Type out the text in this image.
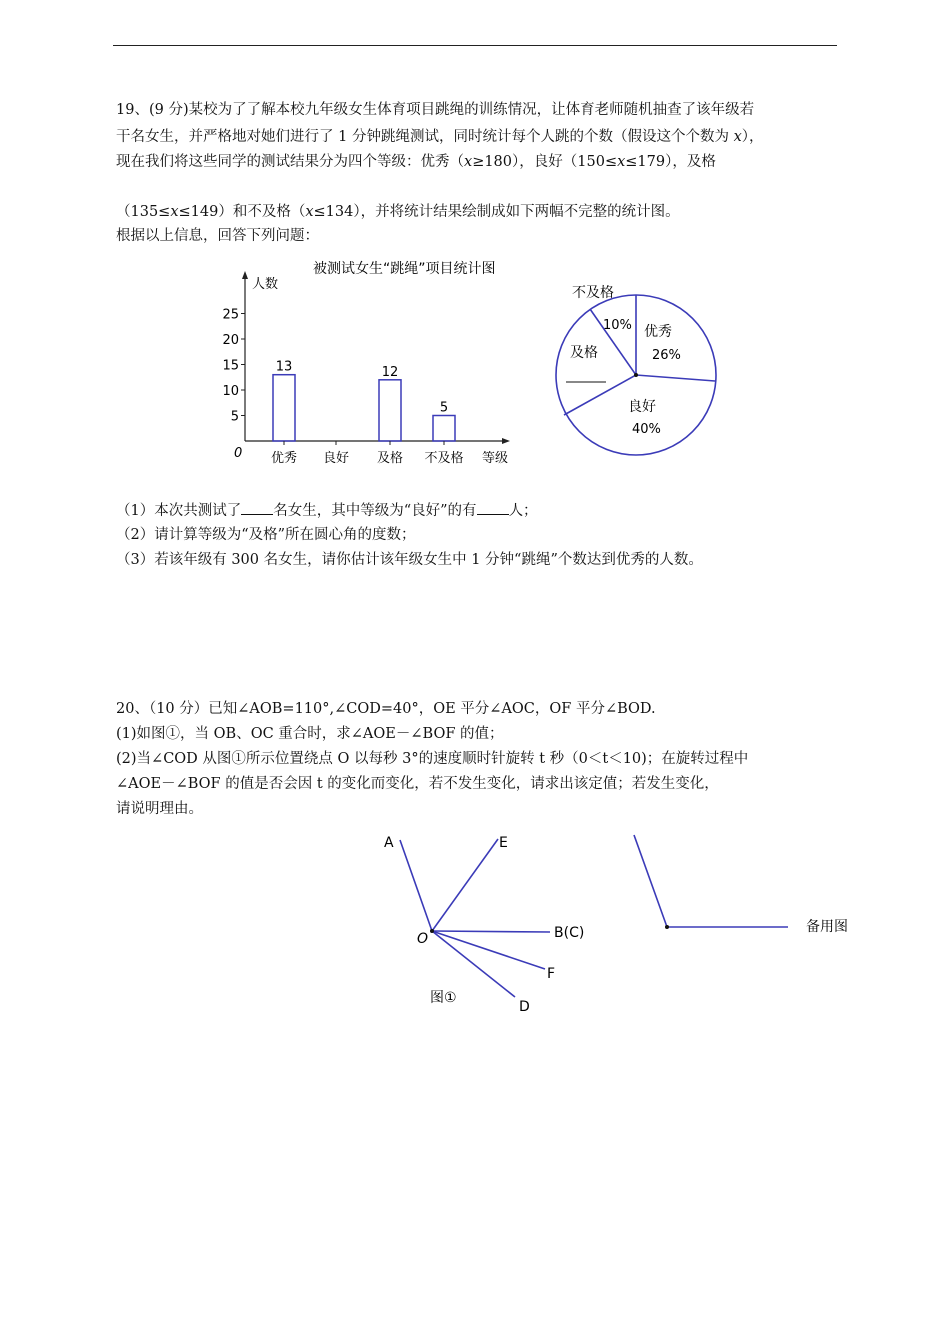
19、(9 分)某校为了了解本校九年级女生体育项目跳绳的训练情况，让体育老师随机抽查了该年级若
干名女生，并严格地对她们进行了 1 分钟跳绳测试，同时统计每个人跳的个数（假设这个个数为 x），
现在我们将这些同学的测试结果分为四个等级：优秀（x≥180），良好（150≤x≤179），及格
（135≤x≤149）和不及格（x≤134），并将统计结果绘制成如下两幅不完整的统计图。
根据以上信息，回答下列问题：
被测试女生“跳绳”项目统计图
人数
0
5
10
15
20
25
13	12
5
优秀 良好 及格 不及格 等级
不及格
10% 优秀
26%
及格
良好
40%
（1）本次共测试了 名女生，其中等级为“良好”的有 人；
（2）请计算等级为“及格”所在圆心角的度数；
（3）若该年级有 300 名女生，请你估计该年级女生中 1 分钟“跳绳”个数达到优秀的人数。
20、（10 分）已知∠AOB=110°,∠COD=40°，OE 平分∠AOC，OF 平分∠BOD.
(1)如图①，当 OB、OC 重合时，求∠AOE－∠BOF 的值；
(2)当∠COD 从图①所示位置绕点 O 以每秒 3°的速度顺时针旋转 t 秒（0＜t＜10)；在旋转过程中
∠AOE－∠BOF 的值是否会因 t 的变化而变化，若不发生变化，请求出该定值；若发生变化，
请说明理由。
A	E
O	B(C)
F
D
图①
备用图
